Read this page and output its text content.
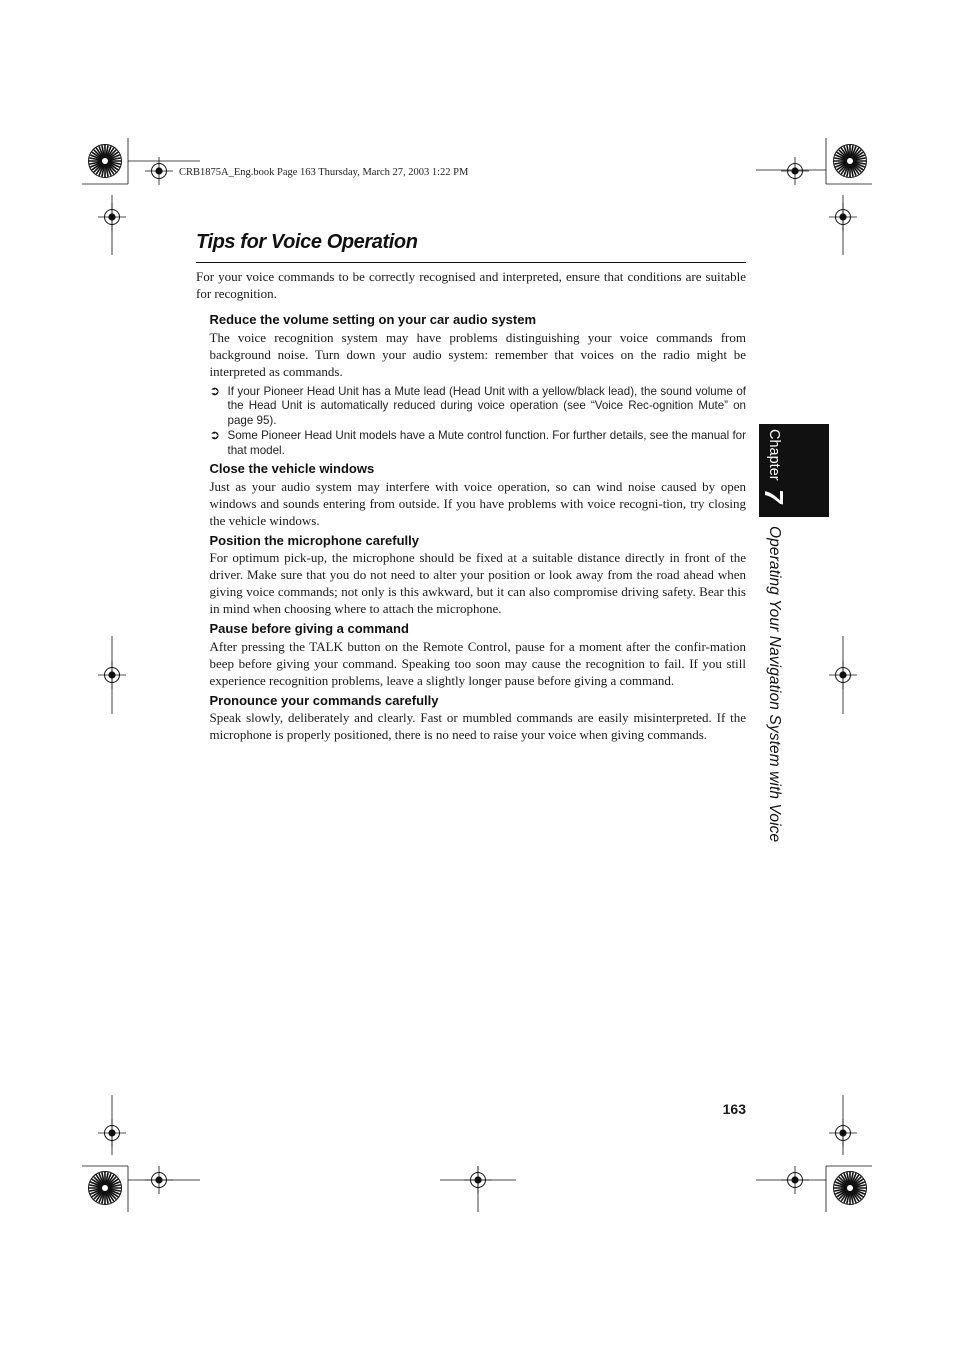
CRB1875A_Eng.book Page 163 Thursday, March 27, 2003 1:22 PM
Tips for Voice Operation

For your voice commands to be correctly recognised and interpreted, ensure that conditions are suitable for recognition.

Reduce the volume setting on your car audio system

The voice recognition system may have problems distinguishing your voice commands from background noise. Turn down your audio system: remember that voices on the radio might be interpreted as commands.

➲ If your Pioneer Head Unit has a Mute lead (Head Unit with a yellow/black lead), the sound volume of the Head Unit is automatically reduced during voice operation (see “Voice Rec-ognition Mute” on page 95).
➲ Some Pioneer Head Unit models have a Mute control function. For further details, see the manual for that model.
Close the vehicle windows

Just as your audio system may interfere with voice operation, so can wind noise caused by open windows and sounds entering from outside. If you have problems with voice recogni-tion, try closing the vehicle windows.

Position the microphone carefully

For optimum pick-up, the microphone should be fixed at a suitable distance directly in front of the driver. Make sure that you do not need to alter your position or look away from the road ahead when giving voice commands; not only is this awkward, but it can also compromise driving safety. Bear this in mind when choosing where to attach the microphone.

Pause before giving a command

After pressing the TALK button on the Remote Control, pause for a moment after the confir-mation beep before giving your command. Speaking too soon may cause the recognition to fail. If you still experience recognition problems, leave a slightly longer pause before giving a command.

Pronounce your commands carefully

Speak slowly, deliberately and clearly. Fast or mumbled commands are easily misinterpreted. If the microphone is properly positioned, there is no need to raise your voice when giving commands.

Chapter 7
Operating Your Navigation System with Voice
163
